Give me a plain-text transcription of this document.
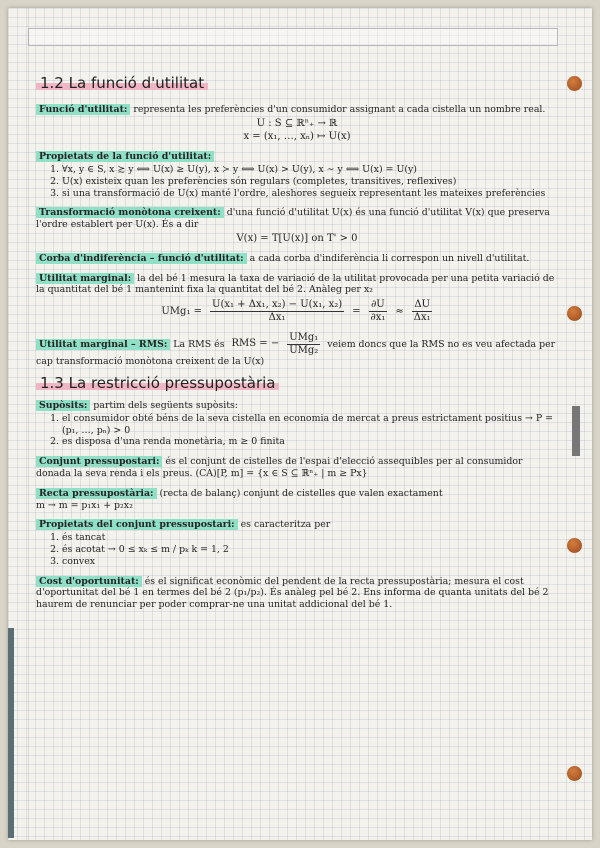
1.2 La funció d'utilitat
Funció d'utilitat: representa les preferències d'un consumidor assignant a cada cistella un nombre real.
U : S ⊆ ℝⁿ₊ → ℝ
x = (x₁, …, xₙ) ↦ U(x)
Propietats de la funció d'utilitat:
1. ∀x, y ∈ S, x ≿ y ⟺ U(x) ≥ U(y), x ≻ y ⟺ U(x) > U(y), x ∼ y ⟺ U(x) = U(y)
2. U(x) existeix quan les preferències són regulars (completes, transitives, reflexives)
3. si una transformació de U(x) manté l'ordre, aleshores segueix representant les mateixes preferències
Transformació monòtona creixent: d'una funció d'utilitat U(x) és una funció d'utilitat V(x) que preserva l'ordre establert per U(x). És a dir
V(x) = T[U(x)] on T' > 0
Corba d'indiferència – funció d'utilitat: a cada corba d'indiferència li correspon un nivell d'utilitat.
Utilitat marginal: la del bé 1 mesura la taxa de variació de la utilitat provocada per una petita variació de la quantitat del bé 1 mantenint fixa la quantitat del bé 2. Anàleg per x₂
$UMg_1 = \frac{\text{U(x₁ + Δx₁, x₂) − U(x₁, x₂)}}{\text{Δx₁}} = \frac{\partial U}{\text{∂x₁}} \approx \frac{\Delta U}{\text{Δx₁}}$
Utilitat marginal – RMS: La RMS és RMS = − $\frac{\text{UMg₁}}{\text{UMg₂}}$ veiem doncs que la RMS no es veu afectada per cap transformació monòtona creixent de la U(x)
1.3 La restricció pressupostària
Supòsits: partim dels següents supòsits:
1. el consumidor obté béns de la seva cistella en economia de mercat a preus estrictament positius → P = (p₁, …, pₙ) > 0
2. es disposa d'una renda monetària, m ≥ 0 finita
Conjunt pressupostari: és el conjunt de cistelles de l'espai d'elecció assequibles per al consumidor donada la seva renda i els preus. (CA)[P, m] = {x ∈ S ⊆ ℝⁿ₊ | m ≥ Px}
Recta pressupostària: (recta de balanç) conjunt de cistelles que valen exactament
m → m = p₁x₁ + p₂x₂
Propietats del conjunt pressupostari: es caracteritza per
1. és tancat
2. és acotat → 0 ≤ xₖ ≤ m / pₖ k = 1, 2
3. convex
Cost d'oportunitat: és el significat econòmic del pendent de la recta pressupostària; mesura el cost d'oportunitat del bé 1 en termes del bé 2 (p₁/p₂). És anàleg pel bé 2. Ens informa de quanta unitats del bé 2 haurem de renunciar per poder comprar-ne una unitat addicional del bé 1.
